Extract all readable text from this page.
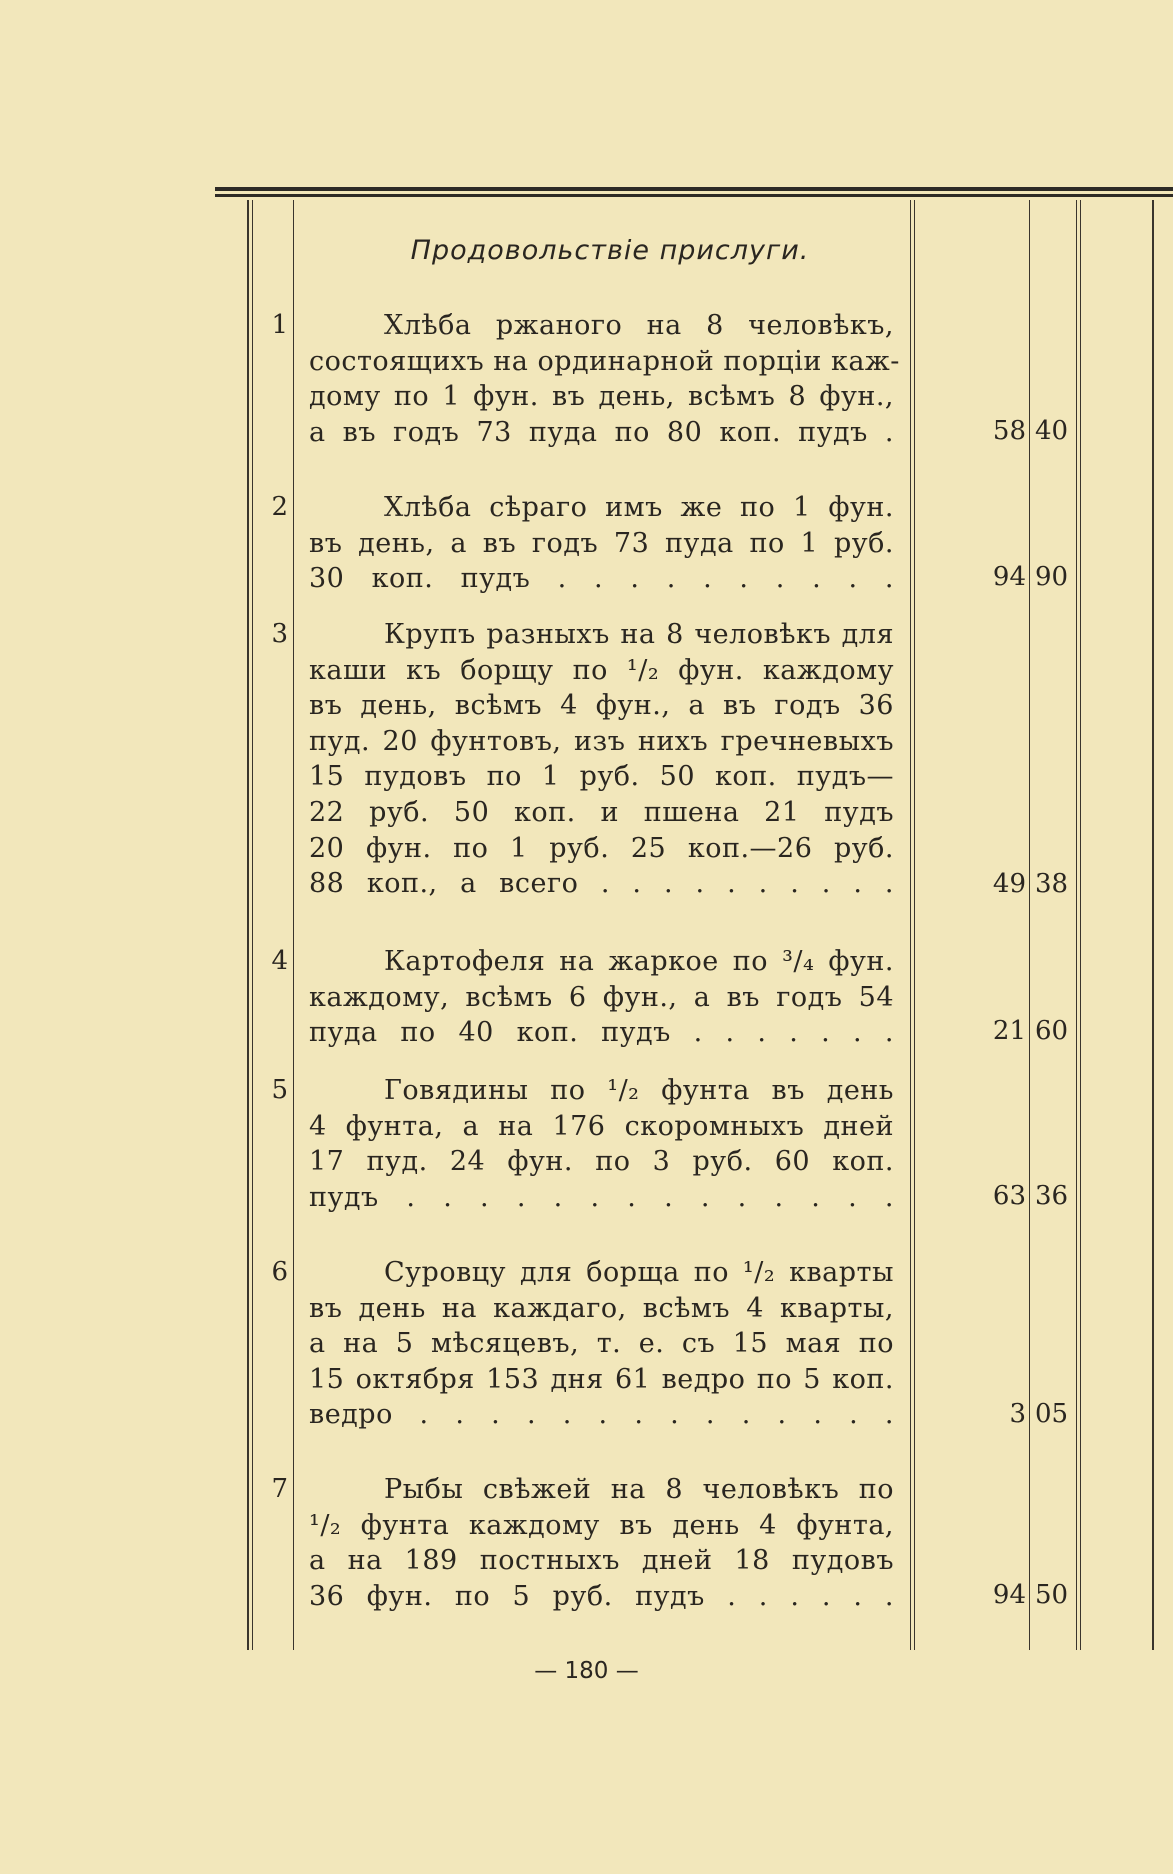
Продовольствіе прислуги.
1	Хлѣба ржаного на 8 человѣкъ,
состоящихъ на ординарной порціи каж-
дому по 1 фун. въ день, всѣмъ 8 фун.,
а въ годъ 73 пуда по 80 коп. пудъ .	58 40
2	Хлѣба сѣраго имъ же по 1 фун.
въ день, а въ годъ 73 пуда по 1 руб.
30 коп. пудъ . . . . . . . . . .	94 90
3	Крупъ разныхъ на 8 человѣкъ для
каши къ борщу по ¹/₂ фун. каждому
въ день, всѣмъ 4 фун., а въ годъ 36
пуд. 20 фунтовъ, изъ нихъ гречневыхъ
15 пудовъ по 1 руб. 50 коп. пудъ—
22 руб. 50 коп. и пшена 21 пудъ
20 фун. по 1 руб. 25 коп.—26 руб.
88 коп., а всего . . . . . . . . . .	49 38
4	Картофеля на жаркое по ³/₄ фун.
каждому, всѣмъ 6 фун., а въ годъ 54
пуда по 40 коп. пудъ . . . . . . .	21 60
5	Говядины по ¹/₂ фунта въ день
4 фунта, а на 176 скоромныхъ дней
17 пуд. 24 фун. по 3 руб. 60 коп.
пудъ . . . . . . . . . . . . . .	63 36
6	Суровцу для борща по ¹/₂ кварты
въ день на каждаго, всѣмъ 4 кварты,
а на 5 мѣсяцевъ, т. е. съ 15 мая по
15 октября 153 дня 61 ведро по 5 коп.
ведро . . . . . . . . . . . . . .	3 05
7	Рыбы свѣжей на 8 человѣкъ по
¹/₂ фунта каждому въ день 4 фунта,
а на 189 постныхъ дней 18 пудовъ
36 фун. по 5 руб. пудъ . . . . . .	94 50
— 180 —
